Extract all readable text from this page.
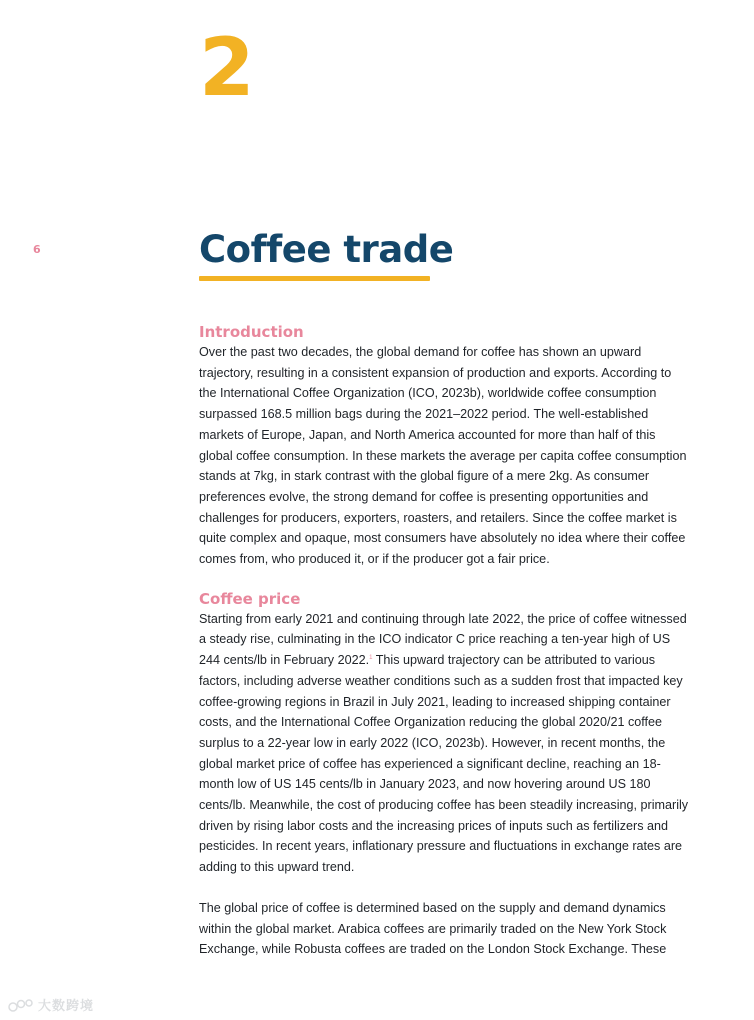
2
6	Coffee trade
Introduction

Over the past two decades, the global demand for coffee has shown an upward trajectory, resulting in a consistent expansion of production and exports. According to the International Coffee Organization (ICO, 2023b), worldwide coffee consumption surpassed 168.5 million bags during the 2021–2022 period. The well-established markets of Europe, Japan, and North America accounted for more than half of this global coffee consumption. In these markets the average per capita coffee consumption stands at 7kg, in stark contrast with the global figure of a mere 2kg. As consumer preferences evolve, the strong demand for coffee is presenting opportunities and challenges for producers, exporters, roasters, and retailers. Since the coffee market is quite complex and opaque, most consumers have absolutely no idea where their coffee comes from, who produced it, or if the producer got a fair price.

Coffee price

Starting from early 2021 and continuing through late 2022, the price of coffee witnessed a steady rise, culminating in the ICO indicator C price reaching a ten-year high of US 244 cents/lb in February 2022.$^1$ This upward trajectory can be attributed to various factors, including adverse weather conditions such as a sudden frost that impacted key coffee-growing regions in Brazil in July 2021, leading to increased shipping container costs, and the International Coffee Organization reducing the global 2020/21 coffee surplus to a 22-year low in early 2022 (ICO, 2023b). However, in recent months, the global market price of coffee has experienced a significant decline, reaching an 18-month low of US 145 cents/lb in January 2023, and now hovering around US 180 cents/lb. Meanwhile, the cost of producing coffee has been steadily increasing, primarily driven by rising labor costs and the increasing prices of inputs such as fertilizers and pesticides. In recent years, inflationary pressure and fluctuations in exchange rates are adding to this upward trend.

The global price of coffee is determined based on the supply and demand dynamics within the global market. Arabica coffees are primarily traded on the New York Stock Exchange, while Robusta coffees are traded on the London Stock Exchange. These

大数跨境
